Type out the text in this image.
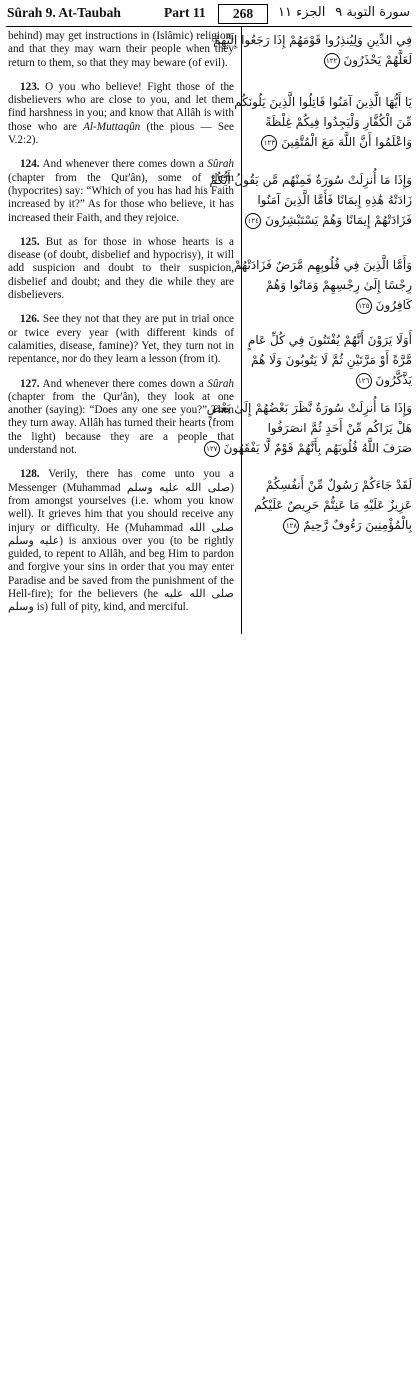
Sûrah 9. At-Taubah	Part 11	268	الجزء ١١ سورة التوبة ٩

behind) may get instructions in (Islâmic) religion, and that they may warn their people when they return to them, so that they may beware (of evil).

123. O you who believe! Fight those of the disbelievers who are close to you, and let them find harshness in you; and know that Allâh is with those who are Al-Muttaqûn (the pious — See V.2:2).

124. And whenever there comes down a Sûrah (chapter from the Qur'ân), some of them (hypocrites) say: “Which of you has had his Faith increased by it?” As for those who believe, it has increased their Faith, and they rejoice.

125. But as for those in whose hearts is a disease (of doubt, disbelief and hypocrisy), it will add suspicion and doubt to their suspicion, disbelief and doubt; and they die while they are disbelievers.

126. See they not that they are put in trial once or twice every year (with different kinds of calamities, disease, famine)? Yet, they turn not in repentance, nor do they learn a lesson (from it).

127. And whenever there comes down a Sûrah (chapter from the Qur'ân), they look at one another (saying): “Does any one see you?” Then they turn away. Allâh has turned their hearts (from the light) because they are a people that understand not.

128. Verily, there has come unto you a Messenger (Muhammad صلى الله عليه وسلم) from amongst yourselves (i.e. whom you know well). It grieves him that you should receive any injury or difficulty. He (Muhammad صلى الله عليه وسلم) is anxious over you (to be rightly guided, to repent to Allâh, and beg Him to pardon and forgive your sins in order that you may enter Paradise and be saved from the punishment of the Hell-fire); for the believers (he صلى الله عليه وسلم is) full of pity, kind, and merciful.

فِي الدِّينِ وَلِيُنذِرُوا قَوْمَهُمْ إِذَا رَجَعُوا إِلَيْهِمْ
لَعَلَّهُمْ يَحْذَرُونَ ١٢٢
يَا أَيُّهَا الَّذِينَ آمَنُوا قَاتِلُوا الَّذِينَ يَلُونَكُم
مِّنَ الْكُفَّارِ وَلْيَجِدُوا فِيكُمْ غِلْظَةً
وَاعْلَمُوا أَنَّ اللَّهَ مَعَ الْمُتَّقِينَ ١٢٣
وَإِذَا مَا أُنزِلَتْ سُورَةٌ فَمِنْهُم مَّن يَقُولُ أَيُّكُمْ
زَادَتْهُ هَٰذِهِ إِيمَانًا فَأَمَّا الَّذِينَ آمَنُوا
فَزَادَتْهُمْ إِيمَانًا وَهُمْ يَسْتَبْشِرُونَ ١٢٤
وَأَمَّا الَّذِينَ فِي قُلُوبِهِم مَّرَضٌ فَزَادَتْهُمْ
رِجْسًا إِلَىٰ رِجْسِهِمْ وَمَاتُوا وَهُمْ
كَافِرُونَ ١٢٥
أَوَلَا يَرَوْنَ أَنَّهُمْ يُفْتَنُونَ فِي كُلِّ عَامٍ
مَّرَّةً أَوْ مَرَّتَيْنِ ثُمَّ لَا يَتُوبُونَ وَلَا هُمْ
يَذَّكَّرُونَ ١٢٦
وَإِذَا مَا أُنزِلَتْ سُورَةٌ نَّظَرَ بَعْضُهُمْ إِلَىٰ بَعْضٍ
هَلْ يَرَاكُم مِّنْ أَحَدٍ ثُمَّ انصَرَفُوا
صَرَفَ اللَّهُ قُلُوبَهُم بِأَنَّهُمْ قَوْمٌ لَّا يَفْقَهُونَ ١٢٧
لَقَدْ جَاءَكُمْ رَسُولٌ مِّنْ أَنفُسِكُمْ
عَزِيزٌ عَلَيْهِ مَا عَنِتُّمْ حَرِيصٌ عَلَيْكُم
بِالْمُؤْمِنِينَ رَءُوفٌ رَّحِيمٌ ١٢٨
